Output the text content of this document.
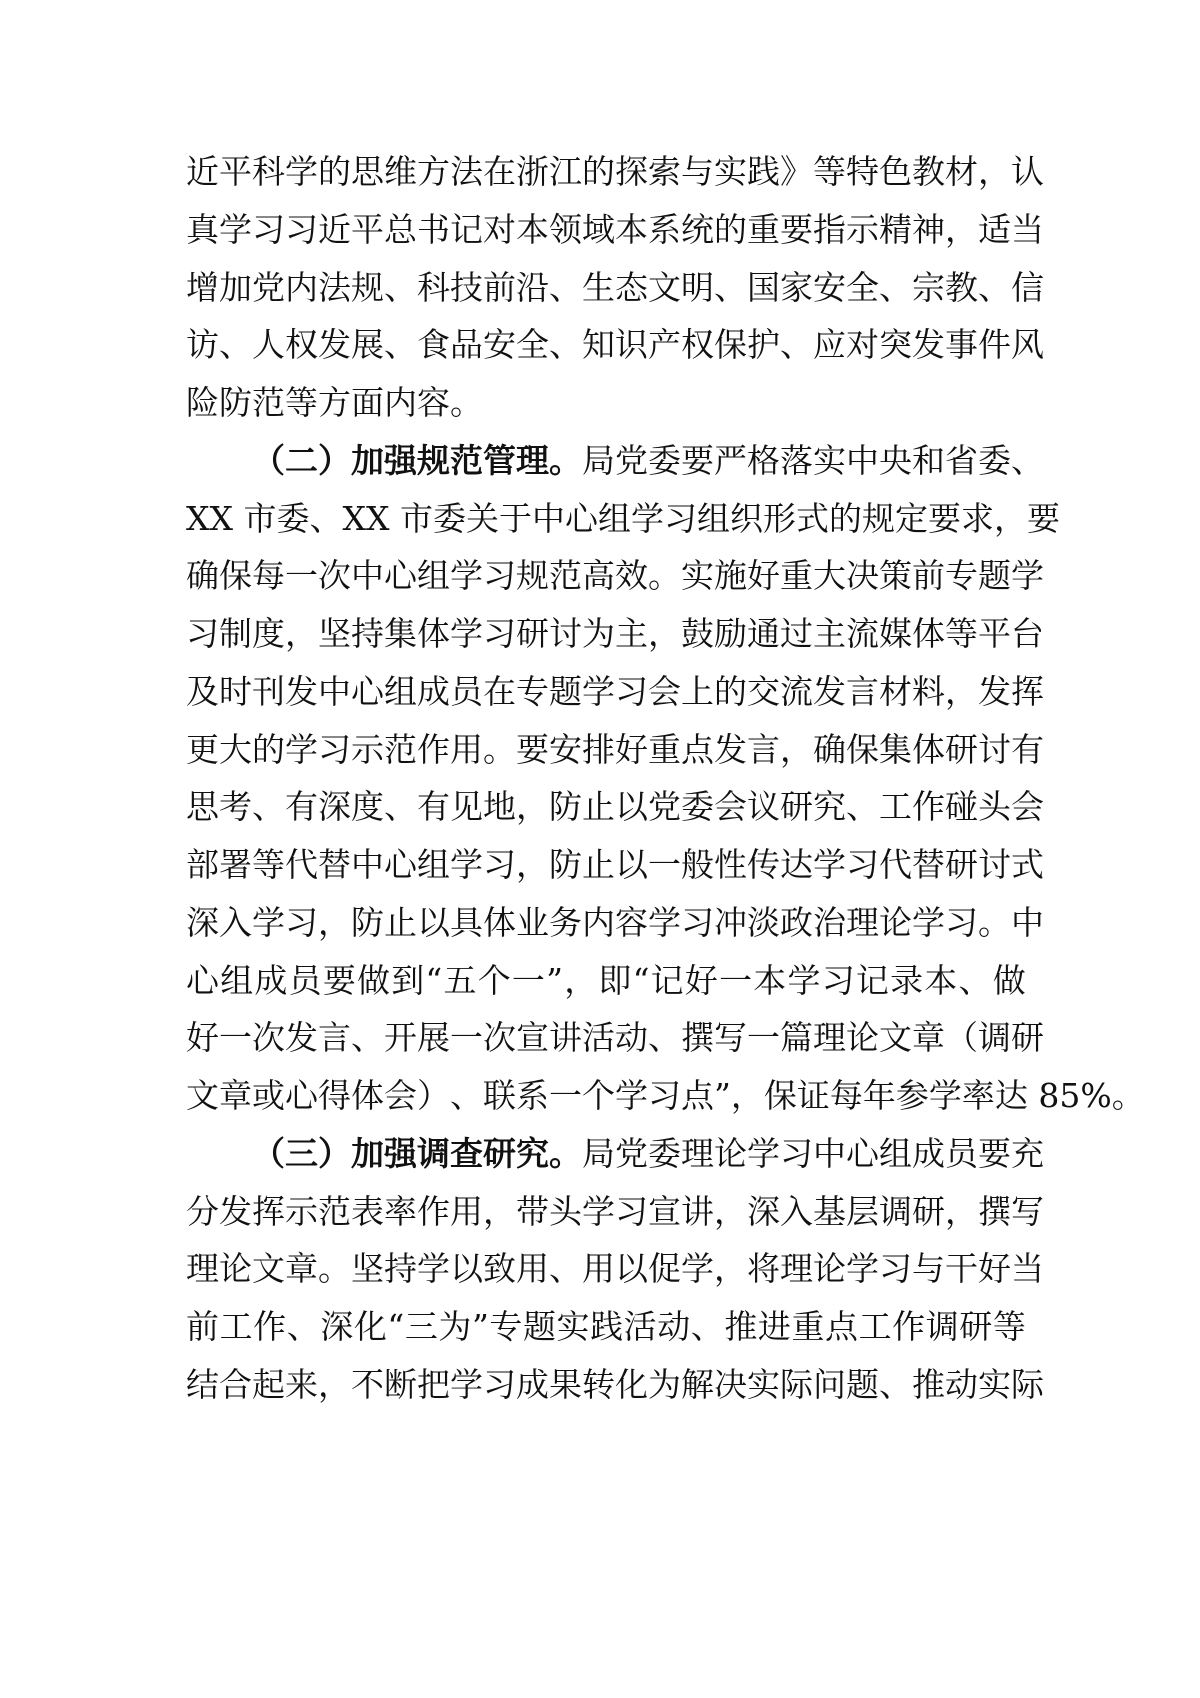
近 平 科 学 的 思 维 方 法 在 浙 江 的 探 索 与 实 践 》 等 特 色 教 材 ， 认

真 学 习 习 近 平 总 书 记 对 本 领 域 本 系 统 的 重 要 指 示 精 神 ， 适 当

增 加 党 内 法 规 、 科 技 前 沿 、 生 态 文 明 、 国 家 安 全 、 宗 教 、 信

访 、 人 权 发 展 、 食 品 安 全 、 知 识 产 权 保 护 、 应 对 突 发 事 件 风

险防范等方面内容。

（二）加强规范管理。局党委要严格落实中央和省委、

X X
市 委 、 X X
市 委 关 于 中 心 组 学 习 组 织 形 式 的 规 定 要 求 ， 要

确 保 每 一 次 中 心 组 学 习 规 范 高 效 。 实 施 好 重 大 决 策 前 专 题 学

习 制 度 ， 坚 持 集 体 学 习 研 讨 为 主 ， 鼓 励 通 过 主 流 媒 体 等 平 台

及 时 刊 发 中 心 组 成 员 在 专 题 学 习 会 上 的 交 流 发 言 材 料 ， 发 挥

更 大 的 学 习 示 范 作 用 。 要 安 排 好 重 点 发 言 ， 确 保 集 体 研 讨 有

思 考 、 有 深 度 、 有 见 地 ， 防 止 以 党 委 会 议 研 究 、 工 作 碰 头 会

部 署 等 代 替 中 心 组 学 习 ， 防 止 以 一 般 性 传 达 学 习 代 替 研 讨 式

深 入 学 习 ， 防 止 以 具 体 业 务 内 容 学 习 冲 淡 政 治 理 论 学 习 。 中

心 组 成 员 要 做 到 “ 五 个 一 ” ， 即 “ 记 好 一 本 学 习 记 录 本 、 做

好 一 次 发 言 、 开 展 一 次 宣 讲 活 动 、 撰 写 一 篇 理 论 文 章 （ 调 研

文 章 或 心 得 体 会 ） 、 联 系 一 个 学 习 点 ” ， 保 证 每 年 参 学 率 达
8 5 % 。

（三）加强调查研究。局党委理论学习中心组成员要充

分 发 挥 示 范 表 率 作 用 ， 带 头 学 习 宣 讲 ， 深 入 基 层 调 研 ， 撰 写

理 论 文 章 。 坚 持 学 以 致 用 、 用 以 促 学 ， 将 理 论 学 习 与 干 好 当

前 工 作 、 深 化 “ 三 为 ” 专 题 实 践 活 动 、 推 进 重 点 工 作 调 研 等

结 合 起 来 ， 不 断 把 学 习 成 果 转 化 为 解 决 实 际 问 题 、 推 动 实 际
